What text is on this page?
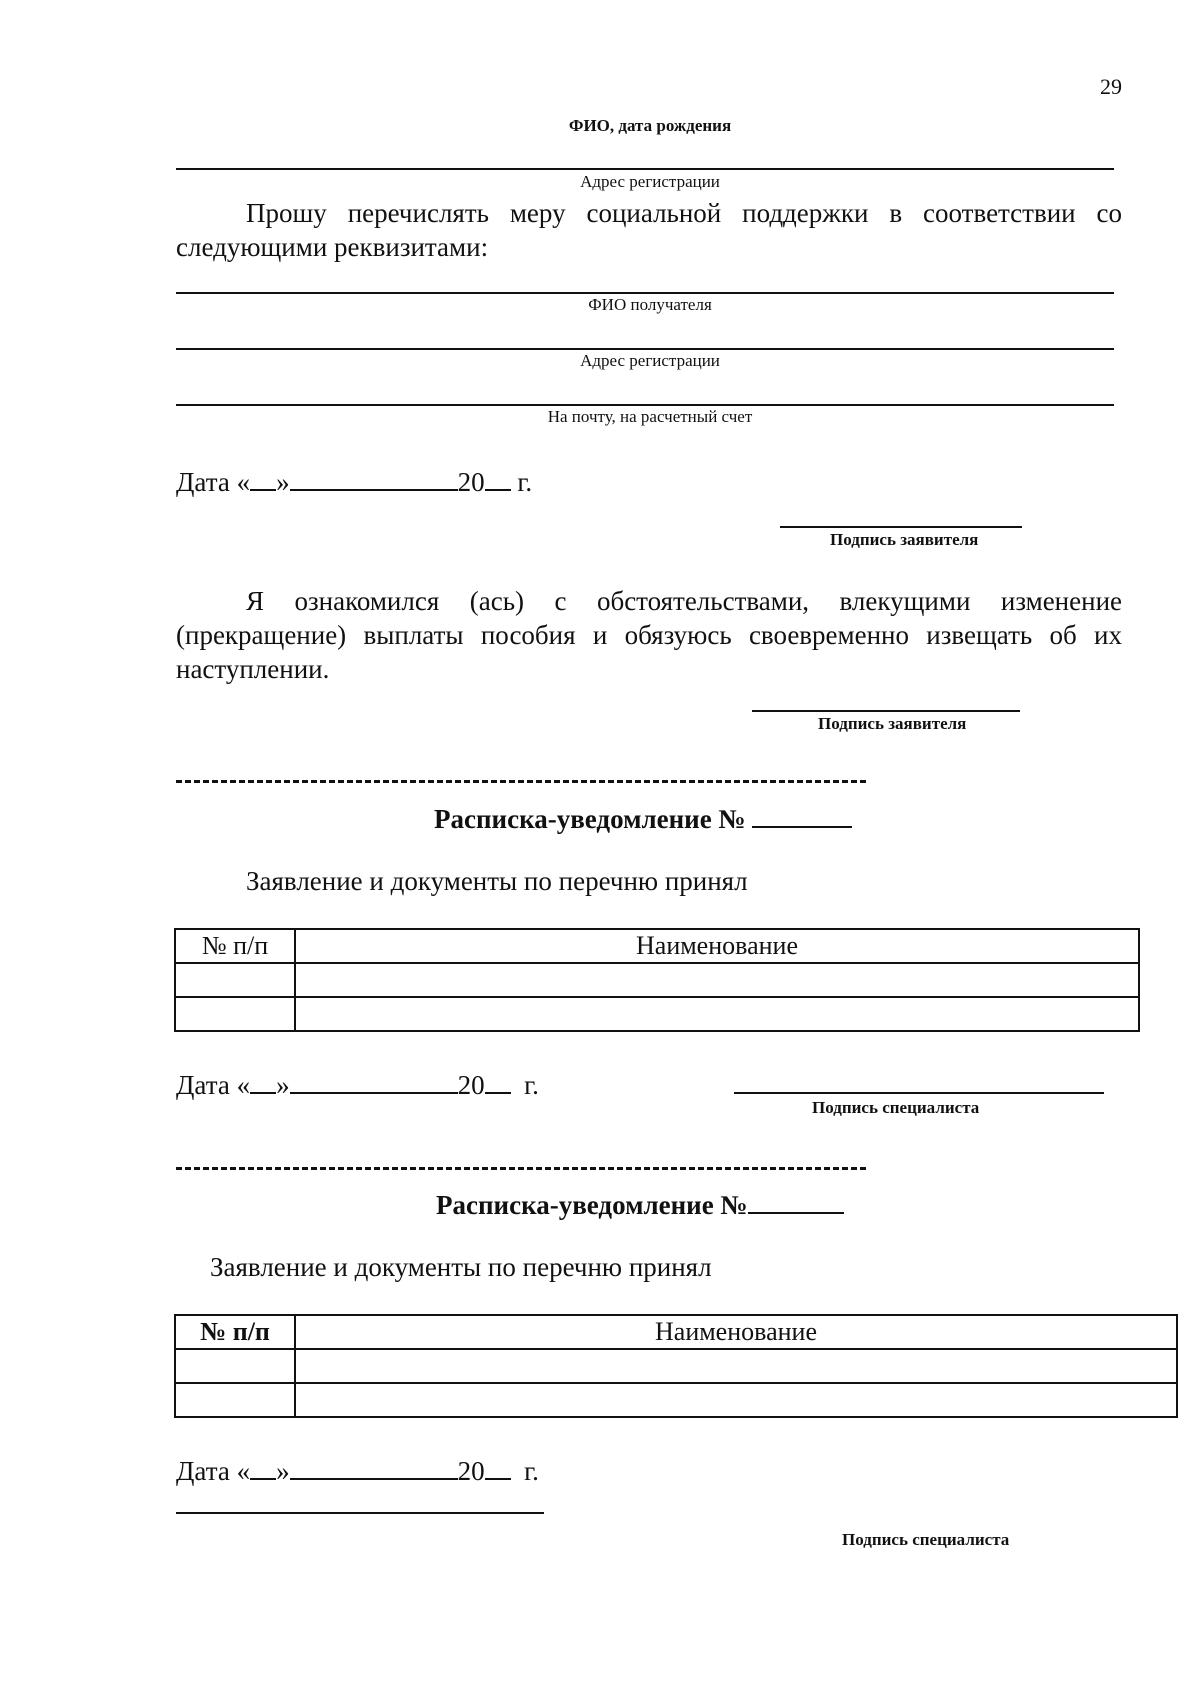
29
ФИО, дата рождения
Адрес регистрации
Прошу перечислять меру социальной поддержки в соответствии со следующими реквизитами:
ФИО получателя
Адрес регистрации
На почту, на расчетный счет
Дата « »	20 г.
Подпись заявителя
Я ознакомился (ась) с обстоятельствами, влекущими изменение (прекращение) выплаты пособия и обязуюсь своевременно извещать об их наступлении.
Подпись заявителя
Расписка-уведомление №
Заявление и документы по перечню принял
№ п/п	Наименование

Дата « »	20 г.
Подпись специалиста
Расписка-уведомление №
Заявление и документы по перечню принял
№ п/п	Наименование

Дата « »	20 г.
Подпись специалиста
